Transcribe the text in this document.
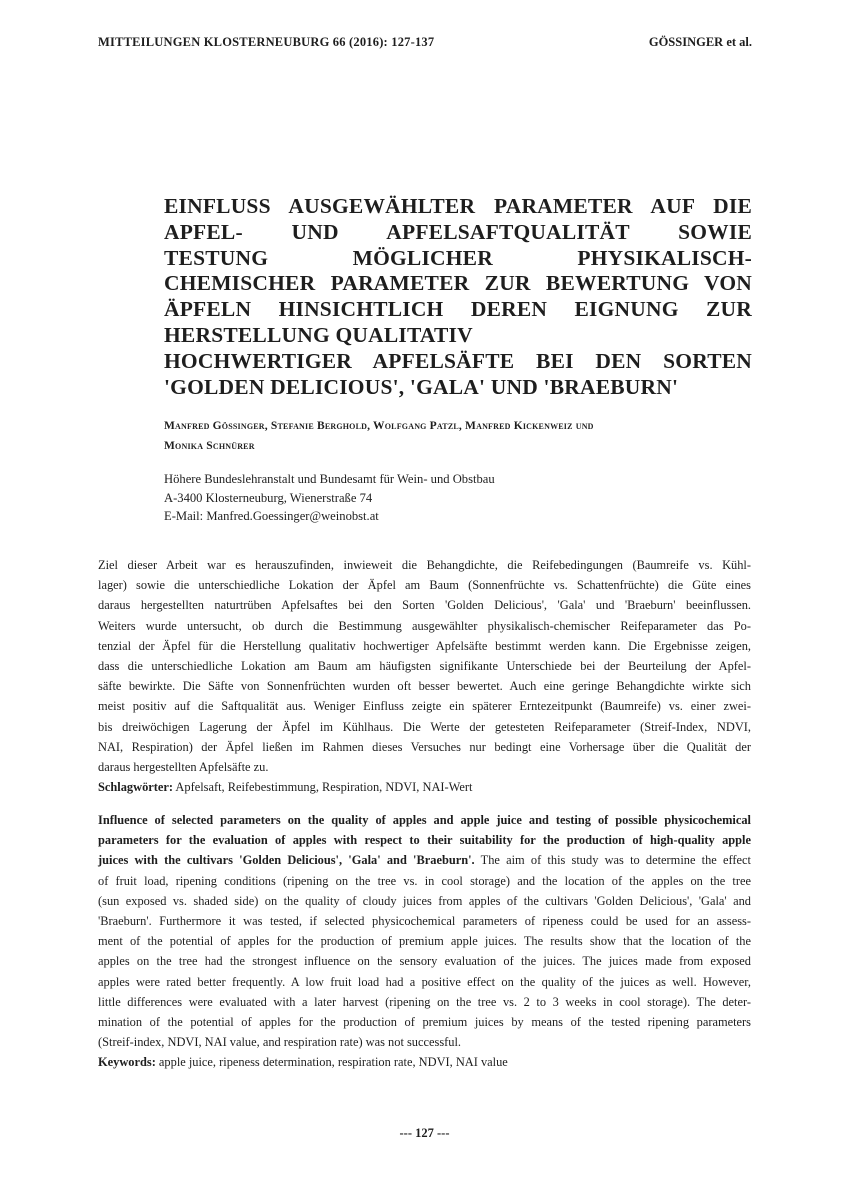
MITTEILUNGEN KLOSTERNEUBURG 66 (2016): 127-137	GÖSSINGER et al.
EINFLUSS AUSGEWÄHLTER PARAMETER AUF DIE
APFEL- UND APFELSAFTQUALITÄT SOWIE
TESTUNG MÖGLICHER PHYSIKALISCH-
CHEMISCHER PARAMETER ZUR BEWERTUNG VON
ÄPFELN HINSICHTLICH DEREN EIGNUNG ZUR
HERSTELLUNG QUALITATIV
HOCHWERTIGER APFELSÄFTE BEI DEN SORTEN
'GOLDEN DELICIOUS', 'GALA' UND 'BRAEBURN'
Manfred Gössinger, Stefanie Berghold, Wolfgang Patzl, Manfred Kickenweiz und
Monika Schnürer
Höhere Bundeslehranstalt und Bundesamt für Wein- und Obstbau
A-3400 Klosterneuburg, Wienerstraße 74
E-Mail: Manfred.Goessinger@weinobst.at
Ziel dieser Arbeit war es herauszufinden, inwieweit die Behangdichte, die Reifebedingungen (Baumreife vs. Kühl-
lager) sowie die unterschiedliche Lokation der Äpfel am Baum (Sonnenfrüchte vs. Schattenfrüchte) die Güte eines
daraus hergestellten naturtrüben Apfelsaftes bei den Sorten 'Golden Delicious', 'Gala' und 'Braeburn' beeinflussen.
Weiters wurde untersucht, ob durch die Bestimmung ausgewählter physikalisch-chemischer Reifeparameter das Po-
tenzial der Äpfel für die Herstellung qualitativ hochwertiger Apfelsäfte bestimmt werden kann. Die Ergebnisse zeigen,
dass die unterschiedliche Lokation am Baum am häufigsten signifikante Unterschiede bei der Beurteilung der Apfel-
säfte bewirkte. Die Säfte von Sonnenfrüchten wurden oft besser bewertet. Auch eine geringe Behangdichte wirkte sich
meist positiv auf die Saftqualität aus. Weniger Einfluss zeigte ein späterer Erntezeitpunkt (Baumreife) vs. einer zwei-
bis dreiwöchigen Lagerung der Äpfel im Kühlhaus. Die Werte der getesteten Reifeparameter (Streif-Index, NDVI,
NAI, Respiration) der Äpfel ließen im Rahmen dieses Versuches nur bedingt eine Vorhersage über die Qualität der
daraus hergestellten Apfelsäfte zu.
Schlagwörter: Apfelsaft, Reifebestimmung, Respiration, NDVI, NAI-Wert
Influence of selected parameters on the quality of apples and apple juice and testing of possible physicochemical
parameters for the evaluation of apples with respect to their suitability for the production of high-quality apple
juices with the cultivars 'Golden Delicious', 'Gala' and 'Braeburn'. The aim of this study was to determine the effect
of fruit load, ripening conditions (ripening on the tree vs. in cool storage) and the location of the apples on the tree
(sun exposed vs. shaded side) on the quality of cloudy juices from apples of the cultivars 'Golden Delicious', 'Gala' and
'Braeburn'. Furthermore it was tested, if selected physicochemical parameters of ripeness could be used for an assess-
ment of the potential of apples for the production of premium apple juices. The results show that the location of the
apples on the tree had the strongest influence on the sensory evaluation of the juices. The juices made from exposed
apples were rated better frequently. A low fruit load had a positive effect on the quality of the juices as well. However,
little differences were evaluated with a later harvest (ripening on the tree vs. 2 to 3 weeks in cool storage). The deter-
mination of the potential of apples for the production of premium juices by means of the tested ripening parameters
(Streif-index, NDVI, NAI value, and respiration rate) was not successful.
Keywords: apple juice, ripeness determination, respiration rate, NDVI, NAI value
--- 127 ---
